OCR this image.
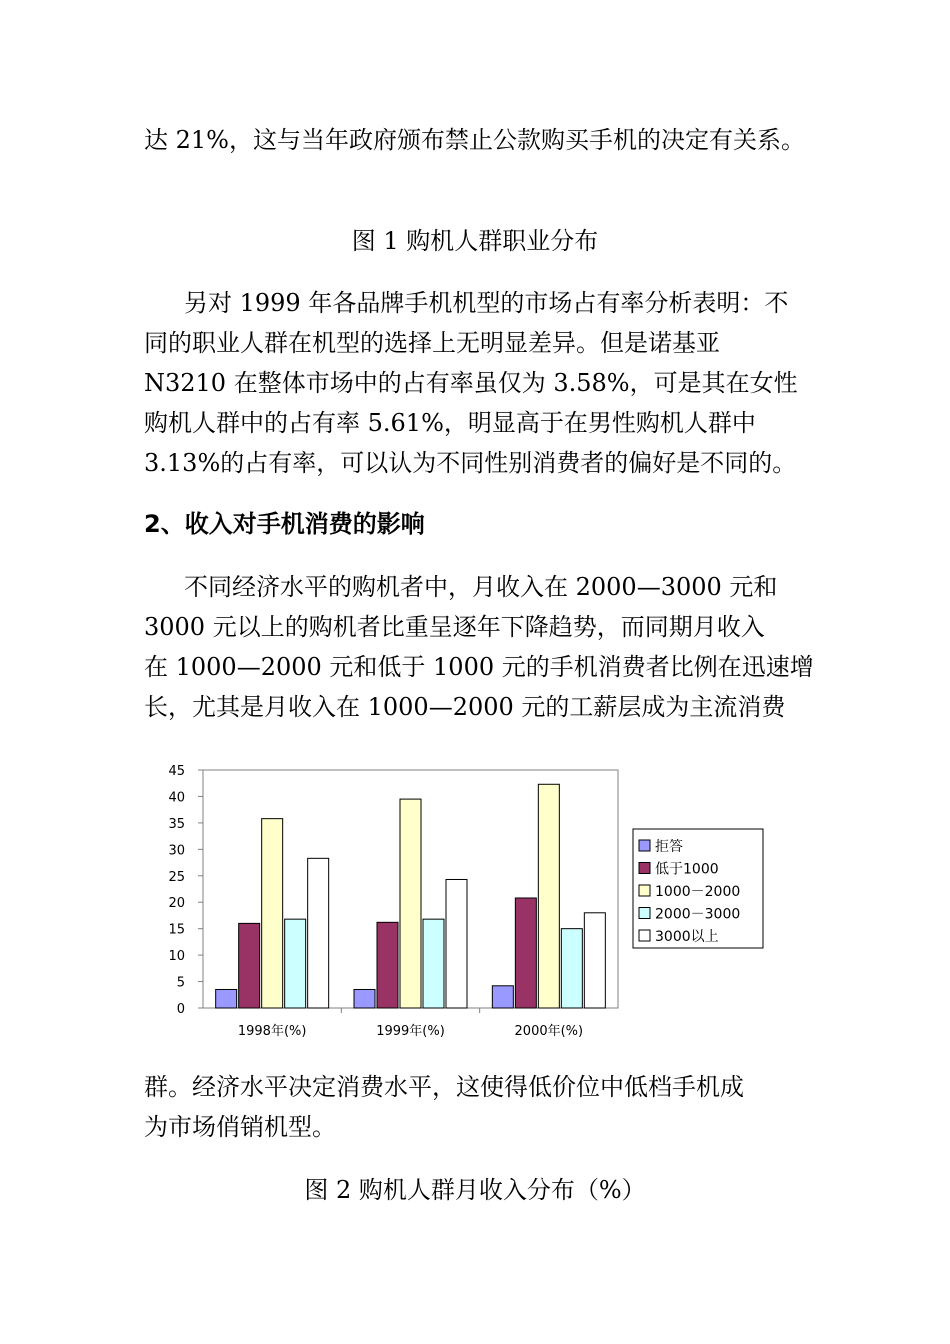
达 21%，这与当年政府颁布禁止公款购买手机的决定有关系。
图 1 购机人群职业分布
另对 1999 年各品牌手机机型的市场占有率分析表明：不
同的职业人群在机型的选择上无明显差异。但是诺基亚
N3210 在整体市场中的占有率虽仅为 3.58%，可是其在女性
购机人群中的占有率 5.61%，明显高于在男性购机人群中
3.13%的占有率，可以认为不同性别消费者的偏好是不同的。
2、收入对手机消费的影响
不同经济水平的购机者中，月收入在 2000—3000 元和
3000 元以上的购机者比重呈逐年下降趋势，而同期月收入
在 1000—2000 元和低于 1000 元的手机消费者比例在迅速增
长，尤其是月收入在 1000—2000 元的工薪层成为主流消费
0
5
10
15
20
25
30
35
40
45
1998年(%)	1999年(%)	2000年(%)
拒答
低于1000
1000－2000
2000－3000
3000以上
群。经济水平决定消费水平，这使得低价位中低档手机成
为市场俏销机型。
图 2 购机人群月收入分布（%）
